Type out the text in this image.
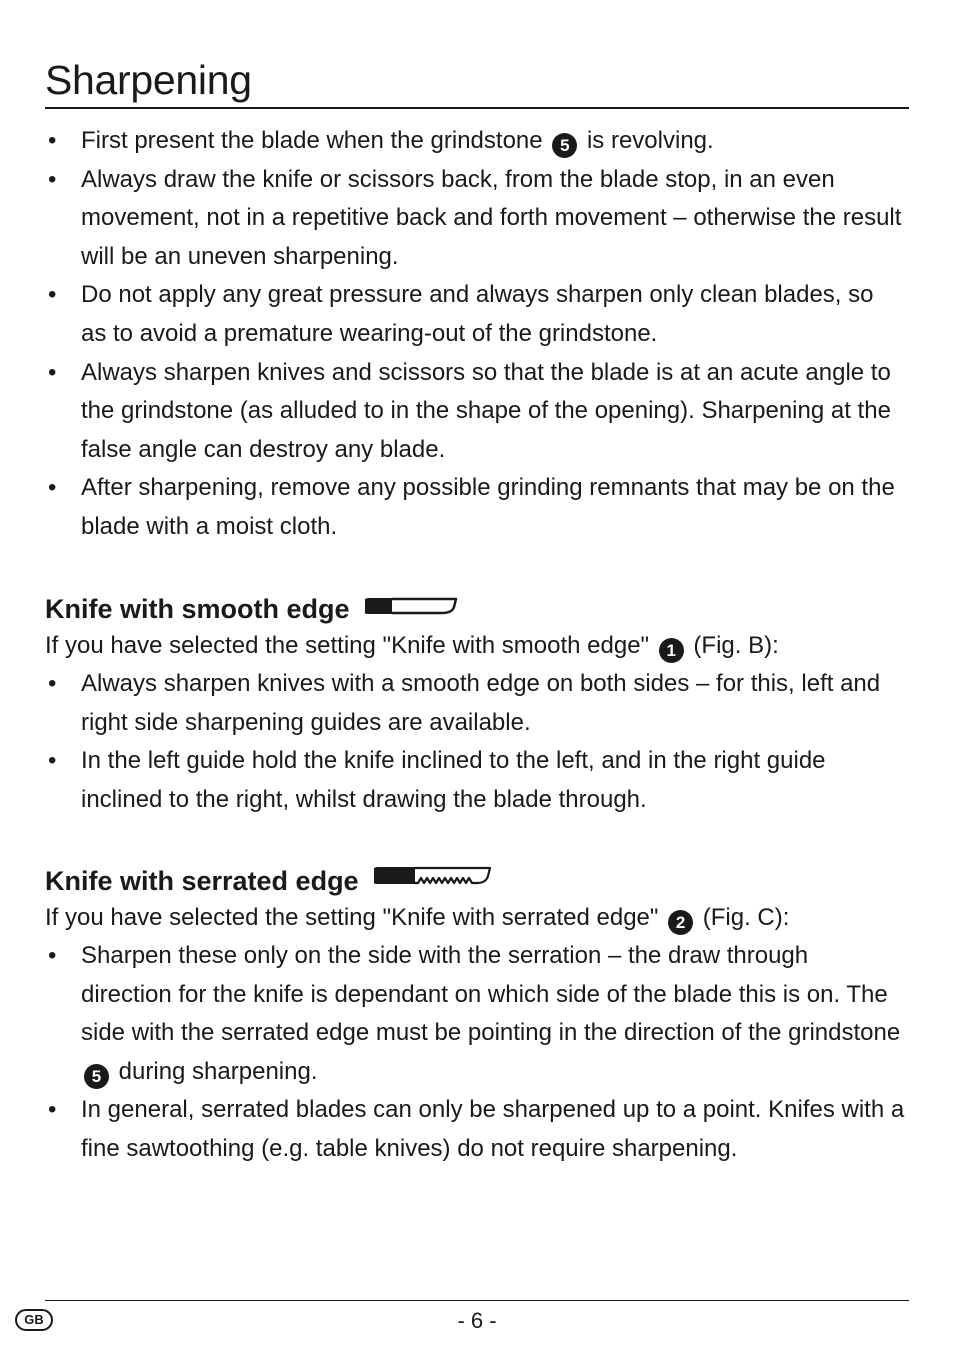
Sharpening
• First present the blade when the grindstone 5 is revolving.
• Always draw the knife or scissors back, from the blade stop, in an even movement, not in a repetitive back and forth movement – otherwise the result will be an uneven sharpening.
• Do not apply any great pressure and always sharpen only clean blades, so as to avoid a premature wearing-out of the grindstone.
• Always sharpen knives and scissors so that the blade is at an acute angle to the grindstone (as alluded to in the shape of the opening). Sharpening at the false angle can destroy any blade.
• After sharpening, remove any possible grinding remnants that may be on the blade with a moist cloth.
Knife with smooth edge

If you have selected the setting "Knife with smooth edge" 1 (Fig. B):

• Always sharpen knives with a smooth edge on both sides – for this, left and right side sharpening guides are available.
• In the left guide hold the knife inclined to the left, and in the right guide inclined to the right, whilst drawing the blade through.
Knife with serrated edge

If you have selected the setting "Knife with serrated edge" 2 (Fig. C):

• Sharpen these only on the side with the serration – the draw through direction for the knife is dependant on which side of the blade this is on. The side with the serrated edge must be pointing in the direction of the grindstone 5 during sharpening.
• In general, serrated blades can only be sharpened up to a point. Knifes with a fine sawtoothing (e.g. table knives) do not require sharpening.
GB	- 6 -
